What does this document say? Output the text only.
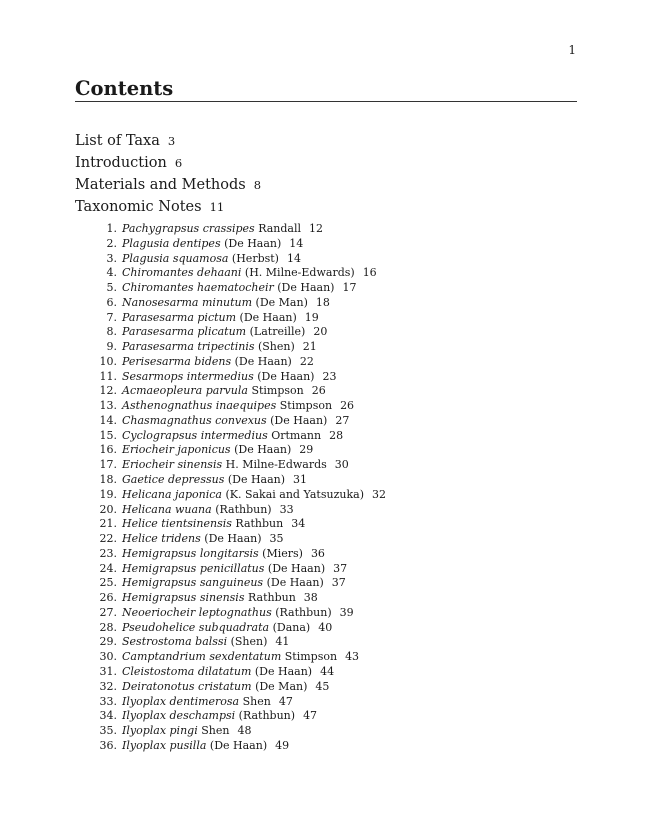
1
Contents
List of Taxa 3
Introduction 6
Materials and Methods 8
Taxonomic Notes 11
1. Pachygrapsus crassipes Randall 12
2. Plagusia dentipes (De Haan) 14
3. Plagusia squamosa (Herbst) 14
4. Chiromantes dehaani (H. Milne-Edwards) 16
5. Chiromantes haematocheir (De Haan) 17
6. Nanosesarma minutum (De Man) 18
7. Parasesarma pictum (De Haan) 19
8. Parasesarma plicatum (Latreille) 20
9. Parasesarma tripectinis (Shen) 21
10. Perisesarma bidens (De Haan) 22
11. Sesarmops intermedius (De Haan) 23
12. Acmaeopleura parvula Stimpson 26
13. Asthenognathus inaequipes Stimpson 26
14. Chasmagnathus convexus (De Haan) 27
15. Cyclograpsus intermedius Ortmann 28
16. Eriocheir japonicus (De Haan) 29
17. Eriocheir sinensis H. Milne-Edwards 30
18. Gaetice depressus (De Haan) 31
19. Helicana japonica (K. Sakai and Yatsuzuka) 32
20. Helicana wuana (Rathbun) 33
21. Helice tientsinensis Rathbun 34
22. Helice tridens (De Haan) 35
23. Hemigrapsus longitarsis (Miers) 36
24. Hemigrapsus penicillatus (De Haan) 37
25. Hemigrapsus sanguineus (De Haan) 37
26. Hemigrapsus sinensis Rathbun 38
27. Neoeriocheir leptognathus (Rathbun) 39
28. Pseudohelice subquadrata (Dana) 40
29. Sestrostoma balssi (Shen) 41
30. Camptandrium sexdentatum Stimpson 43
31. Cleistostoma dilatatum (De Haan) 44
32. Deiratonotus cristatum (De Man) 45
33. Ilyoplax dentimerosa Shen 47
34. Ilyoplax deschampsi (Rathbun) 47
35. Ilyoplax pingi Shen 48
36. Ilyoplax pusilla (De Haan) 49
